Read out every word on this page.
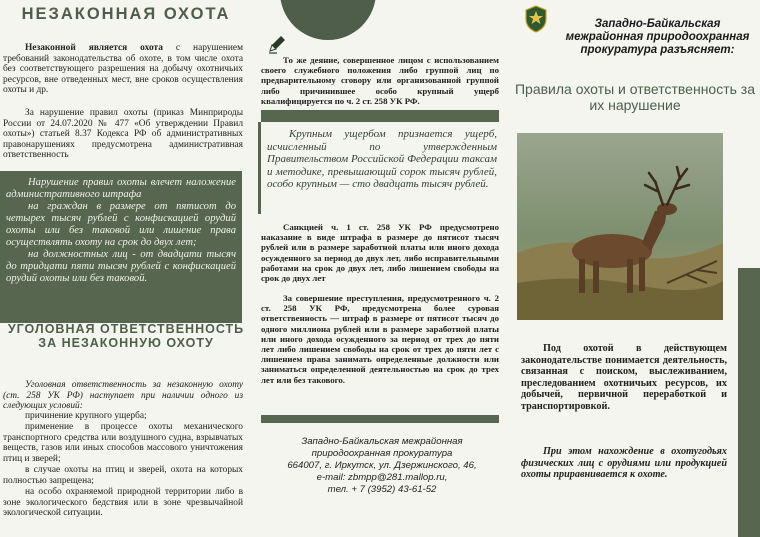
НЕЗАКОННАЯ ОХОТА

Незаконной является охота с нарушением требований законодательства об охоте, в том числе охота без соответствующего разрешения на добычу охотничьих ресурсов, вне отведенных мест, вне сроков осуществления охоты и др.

За нарушение правил охоты (приказ Минприроды России от 24.07.2020 № 477 «Об утверждении Правил охоты») статьей 8.37 Кодекса РФ об административных правонарушениях предусмотрена административная ответственность

Нарушение правил охоты влечет наложение административного штрафа

на граждан в размере от пятисот до четырех тысяч рублей с конфискацией орудий охоты или без таковой или лишение права осуществлять охоту на срок до двух лет;

на должностных лиц - от двадцати тысяч до тридцати пяти тысяч рублей с конфискацией орудий охоты или без таковой.

УГОЛОВНАЯ ОТВЕТСТВЕННОСТЬ ЗА НЕЗАКОННУЮ ОХОТУ

Уголовная ответственность за незаконную охоту (ст. 258 УК РФ) наступает при наличии одного из следующих условий:

причинение крупного ущерба;

применение в процессе охоты механического транспортного средства или воздушного судна, взрывчатых веществ, газов или иных способов массового уничтожения птиц и зверей;

в случае охоты на птиц и зверей, охота на которых полностью запрещена;

на особо охраняемой природной территории либо в зоне экологического бедствия или в зоне чрезвычайной экологической ситуации.

То же деяние, совершенное лицом с использованием своего служебного положения либо группой лиц по предварительному сговору или организованной группой либо причинившее особо крупный ущерб квалифицируется по ч. 2 ст. 258 УК РФ.

Крупным ущербом признается ущерб, исчисленный по утвержденным Правительством Российской Федерации таксам и методике, превышающий сорок тысяч рублей, особо крупным — сто двадцать тысяч рублей.

Санкцией ч. 1 ст. 258 УК РФ предусмотрено наказание в виде штрафа в размере до пятисот тысяч рублей или в размере заработной платы или иного дохода осужденного за период до двух лет, либо исправительными работами на срок до двух лет, либо лишением свободы на срок до двух лет

За совершение преступления, предусмотренного ч. 2 ст. 258 УК РФ, предусмотрена более суровая ответственность — штраф в размере от пятисот тысяч до одного миллиона рублей или в размере заработной платы или иного дохода осужденного за период от трех до пяти лет либо лишением свободы на срок от трех до пяти лет с лишением права занимать определенные должности или заниматься определенной деятельностью на срок до трех лет или без такового.

Западно-Байкальская межрайонная
природоохранная прокуратура
664007, г. Иркутск, ул. Дзержинского, 46,
e-mail: zbmpp@281.mallop.ru,
тел. + 7 (3952) 43-61-52
Западно-Байкальская межрайонная природоохранная прокуратура разъясняет:
Правила охоты и ответственность за их нарушение

Под охотой в действующем законодательстве понимается деятельность, связанная с поиском, выслеживанием, преследованием охотничьих ресурсов, их добычей, первичной переработкой и транспортировкой.

При этом нахождение в охотугодьях физических лиц с орудиями или продукцией охоты приравнивается к охоте.
